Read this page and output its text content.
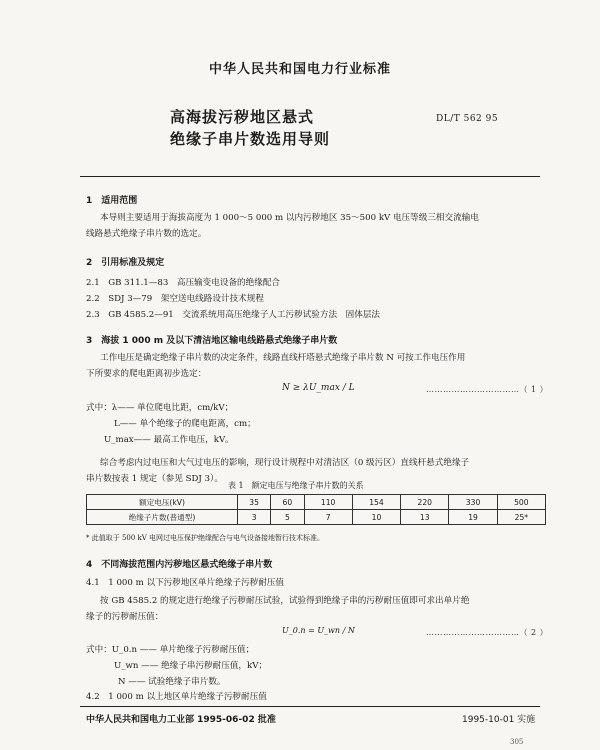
中华人民共和国电力行业标准
高海拔污秽地区悬式
绝缘子串片数选用导则
DL/T 562 95
1　适用范围
本导则主要适用于海拔高度为 1 000～5 000 m 以内污秽地区 35～500 kV 电压等级三相交流输电
线路悬式绝缘子串片数的选定。
2　引用标准及规定
2.1　GB 311.1—83　高压输变电设备的绝缘配合
2.2　SDJ 3—79　架空送电线路设计技术规程
2.3　GB 4585.2—91　交流系统用高压绝缘子人工污秽试验方法　固体层法
3　海拔 1 000 m 及以下清洁地区输电线路悬式绝缘子串片数
工作电压是确定绝缘子串片数的决定条件，线路直线杆塔悬式绝缘子串片数 N 可按工作电压作用
下所要求的爬电距离初步选定：
N ≥ λU_max / L	……………………………（ 1 ）
式中：λ—— 单位爬电比距，cm/kV；
L—— 单个绝缘子的爬电距离，cm；
U_max—— 最高工作电压，kV。
综合考虑内过电压和大气过电压的影响，现行设计规程中对清洁区（0 级污区）直线杆悬式绝缘子
串片数按表 1 规定（参见 SDJ 3）。
表 1　额定电压与绝缘子串片数的关系
额定电压(kV)	35	60	110	154	220	330	500
绝缘子片数(普通型)	3	5	7	10	13	19	25*
* 此值取于 500 kV 电网过电压保护绝缘配合与电气设备接地暂行技术标准。
4　不同海拔范围内污秽地区悬式绝缘子串片数
4.1　1 000 m 以下污秽地区单片绝缘子污秽耐压值
按 GB 4585.2 的规定进行绝缘子污秽耐压试验，试验得到绝缘子串的污秽耐压值即可求出单片绝
缘子的污秽耐压值：
U_0.n = U_wn / N	……………………………（ 2 ）
式中：U_0.n —— 单片绝缘子污秽耐压值；
U_wn —— 绝缘子串污秽耐压值，kV；
N —— 试验绝缘子串片数。
4.2　1 000 m 以上地区单片绝缘子污秽耐压值
中华人民共和国电力工业部 1995-06-02 批准	1995-10-01 实施
305
